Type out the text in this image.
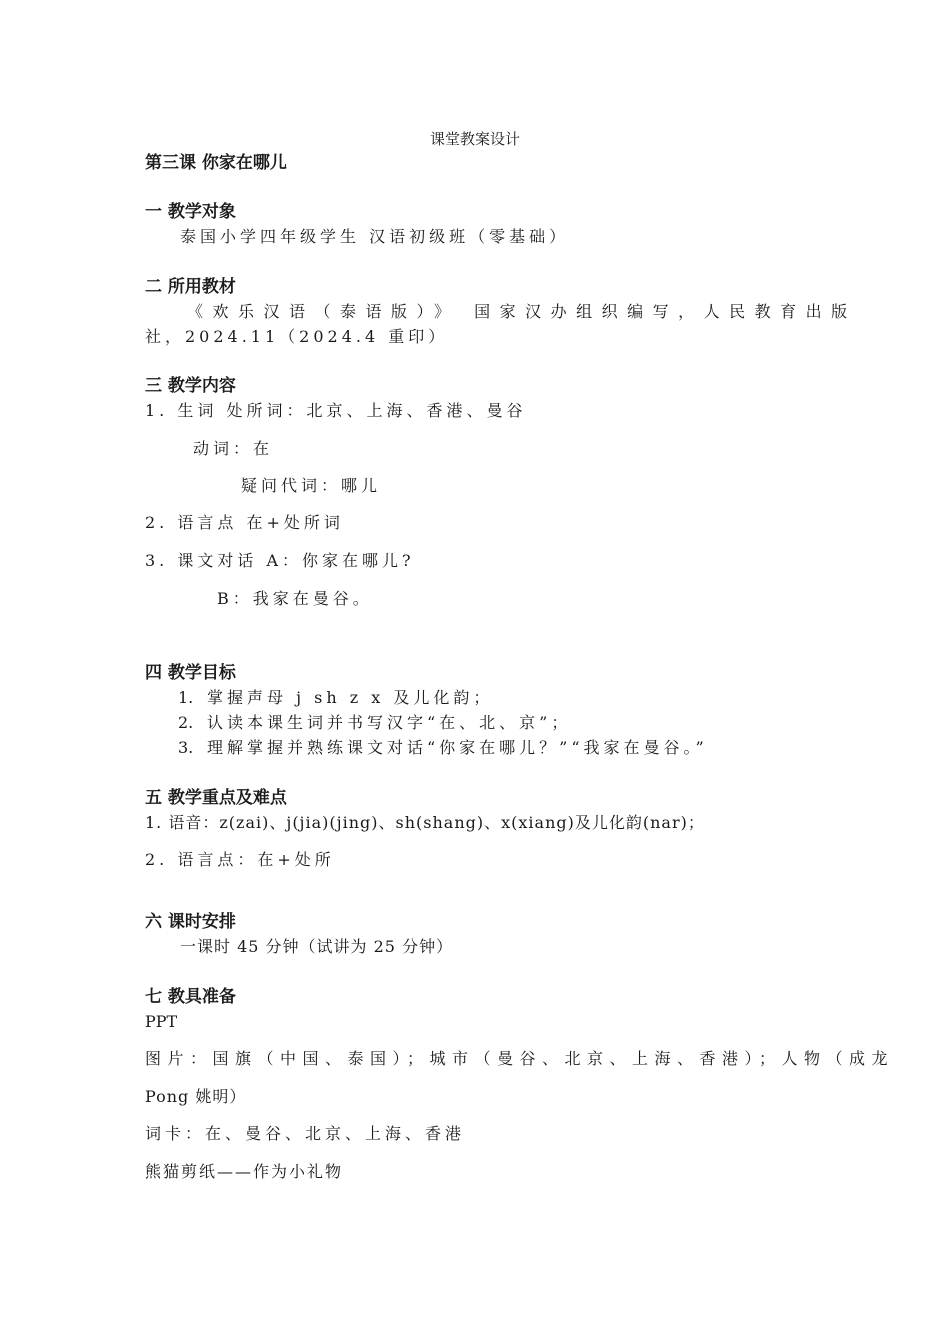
课堂教案设计
第三课 你家在哪儿
一 教学对象
泰国小学四年级学生 汉语初级班（零基础）
二 所用教材
《欢乐汉语（泰语版）》 国家汉办组织编写，人民教育出版
社，2024.11（2024.4 重印）
三 教学内容
1. 生词 处所词：北京、上海、香港、曼谷
动词：在
疑问代词：哪儿
2. 语言点 在+处所词
3. 课文对话 A：你家在哪儿?
B：我家在曼谷。
四 教学目标
1. 掌握声母 j sh z x 及儿化韵；
2. 认读本课生词并书写汉字“在、北、京”；
3. 理解掌握并熟练课文对话“你家在哪儿？”“我家在曼谷。”
五 教学重点及难点
1. 语音：z(zai)、j(jia)(jing)、sh(shang)、x(xiang)及儿化韵(nar)；
2. 语言点：在+处所
六 课时安排
一课时 45 分钟（试讲为 25 分钟）
七 教具准备
PPT
图片：国旗（中国、泰国）；城市（曼谷、北京、上海、香港）；人物（成龙
Pong 姚明）
词卡：在、曼谷、北京、上海、香港
熊猫剪纸——作为小礼物
